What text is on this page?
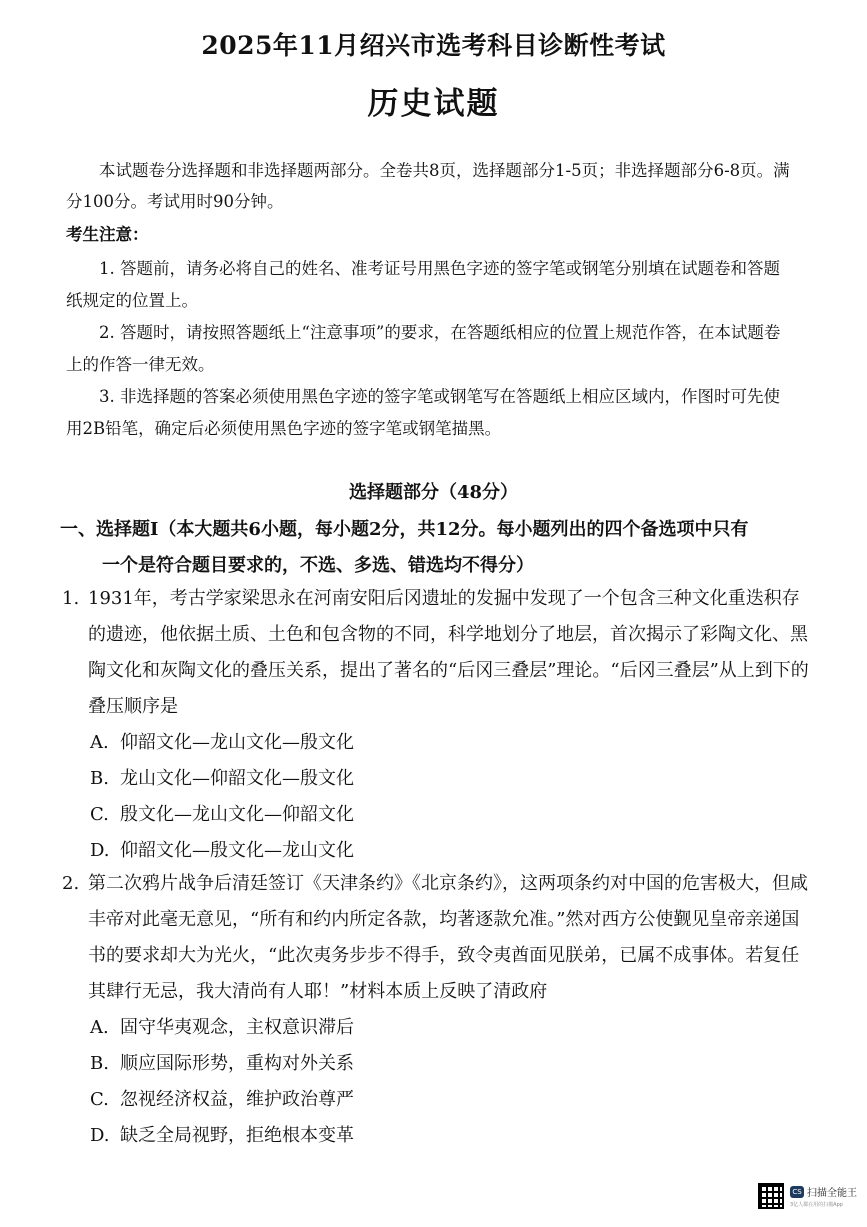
2025年11月绍兴市选考科目诊断性考试
历史试题
本试题卷分选择题和非选择题两部分。全卷共8页，选择题部分1-5页；非选择题部分6-8页。满分100分。考试用时90分钟。
考生注意：
1. 答题前，请务必将自己的姓名、准考证号用黑色字迹的签字笔或钢笔分别填在试题卷和答题纸规定的位置上。
2. 答题时，请按照答题纸上“注意事项”的要求，在答题纸相应的位置上规范作答，在本试题卷上的作答一律无效。
3. 非选择题的答案必须使用黑色字迹的签字笔或钢笔写在答题纸上相应区域内，作图时可先使用2B铅笔，确定后必须使用黑色字迹的签字笔或钢笔描黑。
选择题部分（48分）
一、选择题Ⅰ（本大题共6小题，每小题2分，共12分。每小题列出的四个备选项中只有
一个是符合题目要求的，不选、多选、错选均不得分）
1. 1931年，考古学家梁思永在河南安阳后冈遗址的发掘中发现了一个包含三种文化重迭积存的遗迹，他依据土质、土色和包含物的不同，科学地划分了地层，首次揭示了彩陶文化、黑陶文化和灰陶文化的叠压关系，提出了著名的“后冈三叠层”理论。“后冈三叠层”从上到下的叠压顺序是
A. 仰韶文化—龙山文化—殷文化
B. 龙山文化—仰韶文化—殷文化
C. 殷文化—龙山文化—仰韶文化
D. 仰韶文化—殷文化—龙山文化
2. 第二次鸦片战争后清廷签订《天津条约》《北京条约》，这两项条约对中国的危害极大，但咸丰帝对此毫无意见，“所有和约内所定各款，均著逐款允准。”然对西方公使觐见皇帝亲递国书的要求却大为光火，“此次夷务步步不得手，致令夷酋面见朕弟，已属不成事体。若复任其肆行无忌，我大清尚有人耶！”材料本质上反映了清政府
A. 固守华夷观念，主权意识滞后
B. 顺应国际形势，重构对外关系
C. 忽视经济权益，维护政治尊严
D. 缺乏全局视野，拒绝根本变革
CS 扫描全能王
3亿人都在用的扫描App
